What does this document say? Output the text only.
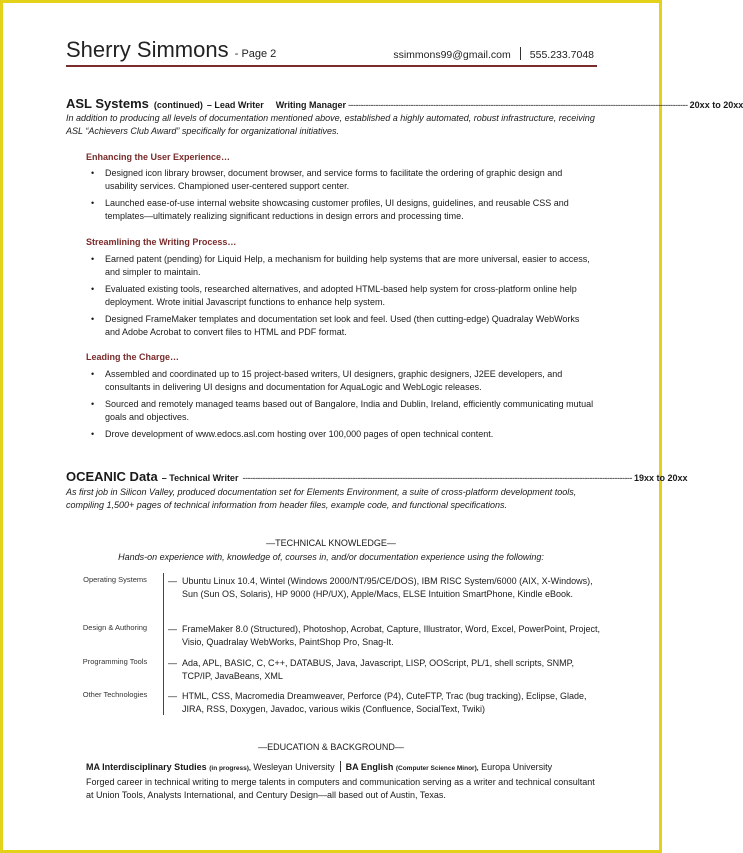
Sherry Simmons - Page 2	ssimmons99@gmail.com 555.233.7048
ASL Systems (continued) – Lead Writer Writing Manager ---------------------------------------------------------------------------------------------------------------------------------------- 20xx to 20xx
In addition to producing all levels of documentation mentioned above, established a highly automated, robust infrastructure, receiving ASL “Achievers Club Award” specifically for organizational initiatives.
Enhancing the User Experience…
• Designed icon library browser, document browser, and service forms to facilitate the ordering of graphic design and usability services. Championed user-centered support center.
• Launched ease-of-use internal website showcasing customer profiles, UI designs, guidelines, and reusable CSS and templates—ultimately realizing significant reductions in design errors and processing time.
Streamlining the Writing Process…
• Earned patent (pending) for Liquid Help, a mechanism for building help systems that are more universal, easier to access, and simpler to maintain.
• Evaluated existing tools, researched alternatives, and adopted HTML-based help system for cross-platform online help deployment. Wrote initial Javascript functions to enhance help system.
• Designed FrameMaker templates and documentation set look and feel. Used (then cutting-edge) Quadralay WebWorks and Adobe Acrobat to convert files to HTML and PDF format.
Leading the Charge…
• Assembled and coordinated up to 15 project-based writers, UI designers, graphic designers, J2EE developers, and consultants in delivering UI designs and documentation for AquaLogic and WebLogic releases.
• Sourced and remotely managed teams based out of Bangalore, India and Dublin, Ireland, efficiently communicating mutual goals and objectives.
• Drove development of www.edocs.asl.com hosting over 100,000 pages of open technical content.
OCEANIC Data – Technical Writer ------------------------------------------------------------------------------------------------------------------------------------------------------------ 19xx to 20xx
As first job in Silicon Valley, produced documentation set for Elements Environment, a suite of cross-platform development tools, compiling 1,500+ pages of technical information from header files, example code, and functional specifications.
—TECHNICAL KNOWLEDGE—
Hands-on experience with, knowledge of, courses in, and/or documentation experience using the following:
Operating Systems	— Ubuntu Linux 10.4, Wintel (Windows 2000/NT/95/CE/DOS), IBM RISC System/6000 (AIX, X-Windows), Sun (Sun OS, Solaris), HP 9000 (HP/UX), Apple/Macs, ELSE Intuition SmartPhone, Kindle eBook.
Design & Authoring	— FrameMaker 8.0 (Structured), Photoshop, Acrobat, Capture, Illustrator, Word, Excel, PowerPoint, Project, Visio, Quadralay WebWorks, PaintShop Pro, Snag-It.
Programming Tools	— Ada, APL, BASIC, C, C++, DATABUS, Java, Javascript, LISP, OOScript, PL/1, shell scripts, SNMP, TCP/IP, JavaBeans, XML
Other Technologies	— HTML, CSS, Macromedia Dreamweaver, Perforce (P4), CuteFTP, Trac (bug tracking), Eclipse, Glade, JIRA, RSS, Doxygen, Javadoc, various wikis (Confluence, SocialText, Twiki)
—EDUCATION & BACKGROUND—
MA Interdisciplinary Studies (in progress), Wesleyan University BA English (Computer Science Minor), Europa University
Forged career in technical writing to merge talents in computers and communication serving as a writer and technical consultant at Union Tools, Analysts International, and Century Design—all based out of Austin, Texas.
